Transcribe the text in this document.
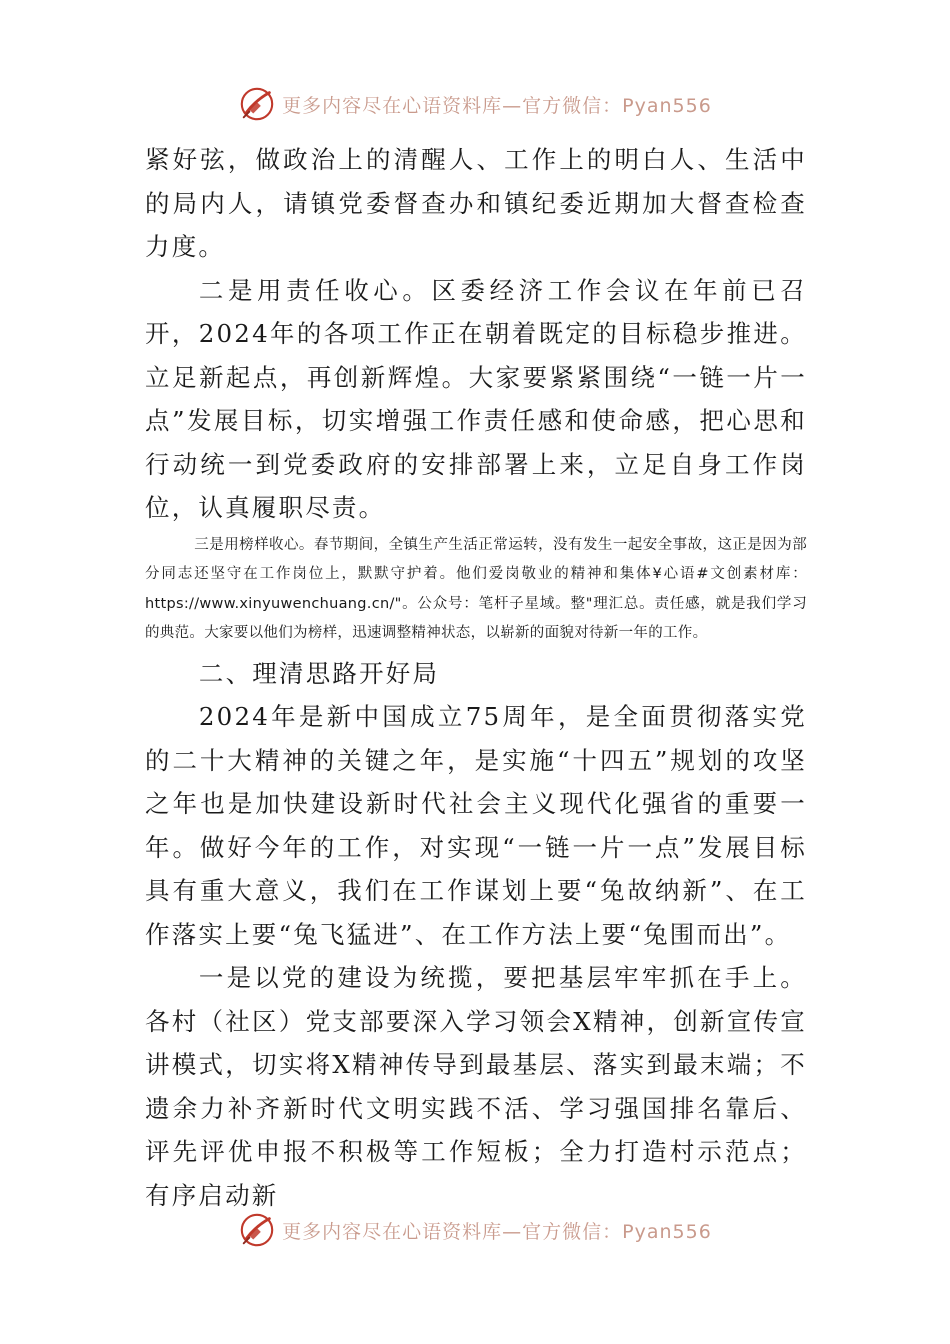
更多内容尽在心语资料库—官方微信：Pyan556

紧好弦，做政治上的清醒人、工作上的明白人、生活中的局内人，请镇党委督查办和镇纪委近期加大督查检查力度。

二是用责任收心。区委经济工作会议在年前已召开，2024年的各项工作正在朝着既定的目标稳步推进。立足新起点，再创新辉煌。大家要紧紧围绕“一链一片一点”发展目标，切实增强工作责任感和使命感，把心思和行动统一到党委政府的安排部署上来，立足自身工作岗位，认真履职尽责。

三是用榜样收心。春节期间，全镇生产生活正常运转，没有发生一起安全事故，这正是因为部分同志还坚守在工作岗位上，默默守护着。他们爱岗敬业的精神和集体¥心语#文创素材库：https://www.xinyuwenchuang.cn/"。公众号：笔杆子星域。整"理汇总。责任感，就是我们学习的典范。大家要以他们为榜样，迅速调整精神状态，以崭新的面貌对待新一年的工作。

二、理清思路开好局

2024年是新中国成立75周年，是全面贯彻落实党的二十大精神的关键之年，是实施“十四五”规划的攻坚之年也是加快建设新时代社会主义现代化强省的重要一年。做好今年的工作，对实现“一链一片一点”发展目标具有重大意义，我们在工作谋划上要“兔故纳新”、在工作落实上要“兔飞猛进”、在工作方法上要“兔围而出”。

一是以党的建设为统揽，要把基层牢牢抓在手上。各村（社区）党支部要深入学习领会X精神，创新宣传宣讲模式，切实将X精神传导到最基层、落实到最末端；不遗余力补齐新时代文明实践不活、学习强国排名靠后、评先评优申报不积极等工作短板；全力打造村示范点；有序启动新

更多内容尽在心语资料库—官方微信：Pyan556
